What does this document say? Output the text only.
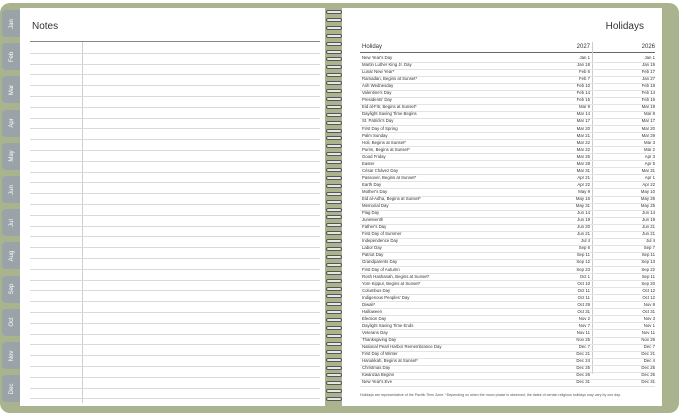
Jan
Feb
Mar
Apr
May
Jun
Jul
Aug
Sep
Oct
Nov
Dec
Notes	Holidays
Holiday	2027	2026
New Year's Day	Jan 1	Jan 1
Martin Luther King Jr. Day	Jan 18	Jan 19
Lunar New Year*	Feb 6	Feb 17
Ramadan, Begins at Sunset*	Feb 7	Jan 27
Ash Wednesday	Feb 10	Feb 18
Valentine's Day	Feb 14	Feb 14
Presidents' Day	Feb 15	Feb 16
Eid al-Fitr, Begins at Sunset*	Mar 9	Mar 19
Daylight Saving Time Begins	Mar 14	Mar 8
St. Patrick's Day	Mar 17	Mar 17
First Day of Spring	Mar 20	Mar 20
Palm Sunday	Mar 21	Mar 29
Holi, Begins at Sunset*	Mar 22	Mar 3
Purim, Begins at Sunset*	Mar 22	Mar 2
Good Friday	Mar 26	Apr 3
Easter	Mar 28	Apr 5
César Chávez Day	Mar 31	Mar 31
Passover, Begins at Sunset*	Apr 21	Apr 1
Earth Day	Apr 22	Apr 22
Mother's Day	May 9	May 10
Eid al-Adha, Begins at Sunset*	May 16	May 26
Memorial Day	May 31	May 25
Flag Day	Jun 14	Jun 14
Juneteenth	Jun 19	Jun 19
Father's Day	Jun 20	Jun 21
First Day of Summer	Jun 21	Jun 21
Independence Day	Jul 4	Jul 4
Labor Day	Sep 6	Sep 7
Patriot Day	Sep 11	Sep 11
Grandparents Day	Sep 12	Sep 13
First Day of Autumn	Sep 23	Sep 22
Rosh Hashanah, Begins at Sunset*	Oct 1	Sep 11
Yom Kippur, Begins at Sunset*	Oct 10	Sep 20
Columbus Day	Oct 11	Oct 12
Indigenous Peoples' Day	Oct 11	Oct 12
Diwali*	Oct 29	Nov 8
Halloween	Oct 31	Oct 31
Election Day	Nov 2	Nov 3
Daylight Saving Time Ends	Nov 7	Nov 1
Veterans Day	Nov 11	Nov 11
Thanksgiving Day	Nov 25	Nov 26
National Pearl Harbor Remembrance Day	Dec 7	Dec 7
First Day of Winter	Dec 21	Dec 21
Hanukkah, Begins at Sunset*	Dec 24	Dec 4
Christmas Day	Dec 25	Dec 25
Kwanzaa Begins	Dec 26	Dec 26
New Year's Eve	Dec 31	Dec 31
Holidays are representative of the Pacific Time Zone. *Depending on when the moon phase is observed, the dates of certain religious holidays may vary by one day.
